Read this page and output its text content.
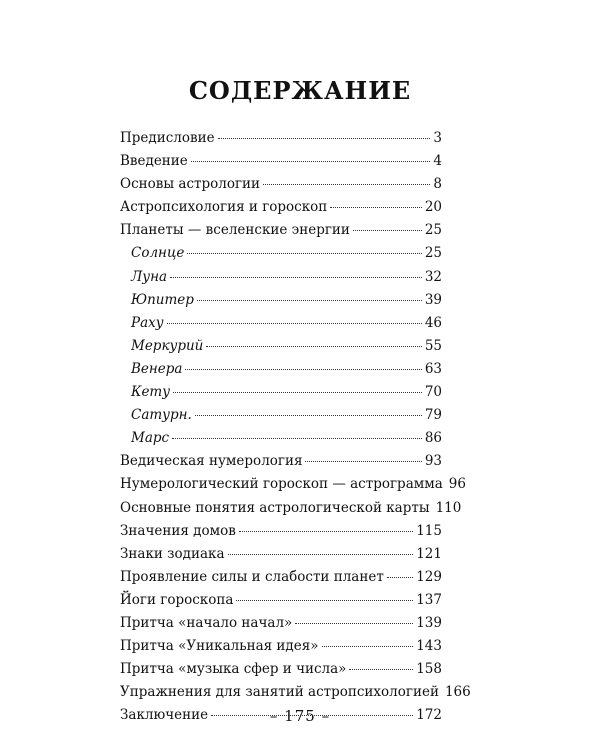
СОДЕРЖАНИЕ
Предисловие	3
Введение	4
Основы астрологии	8
Астропсихология и гороскоп	20
Планеты — вселенские энергии	25
Солнце	25
Луна	32
Юпитер	39
Раху	46
Меркурий	55
Венера	63
Кету	70
Сатурн.	79
Марс	86
Ведическая нумерология	93
Нумерологический гороскоп — астрограмма 96
Основные понятия астрологической карты 110
Значения домов	115
Знаки зодиака	121
Проявление силы и слабости планет 129
Йоги гороскопа	137
Притча «начало начал»	139
Притча «Уникальная идея»	143
Притча «музыка сфер и числа»	158
Упражнения для занятий астропсихологией 166
Заключение	172
– 175 –
